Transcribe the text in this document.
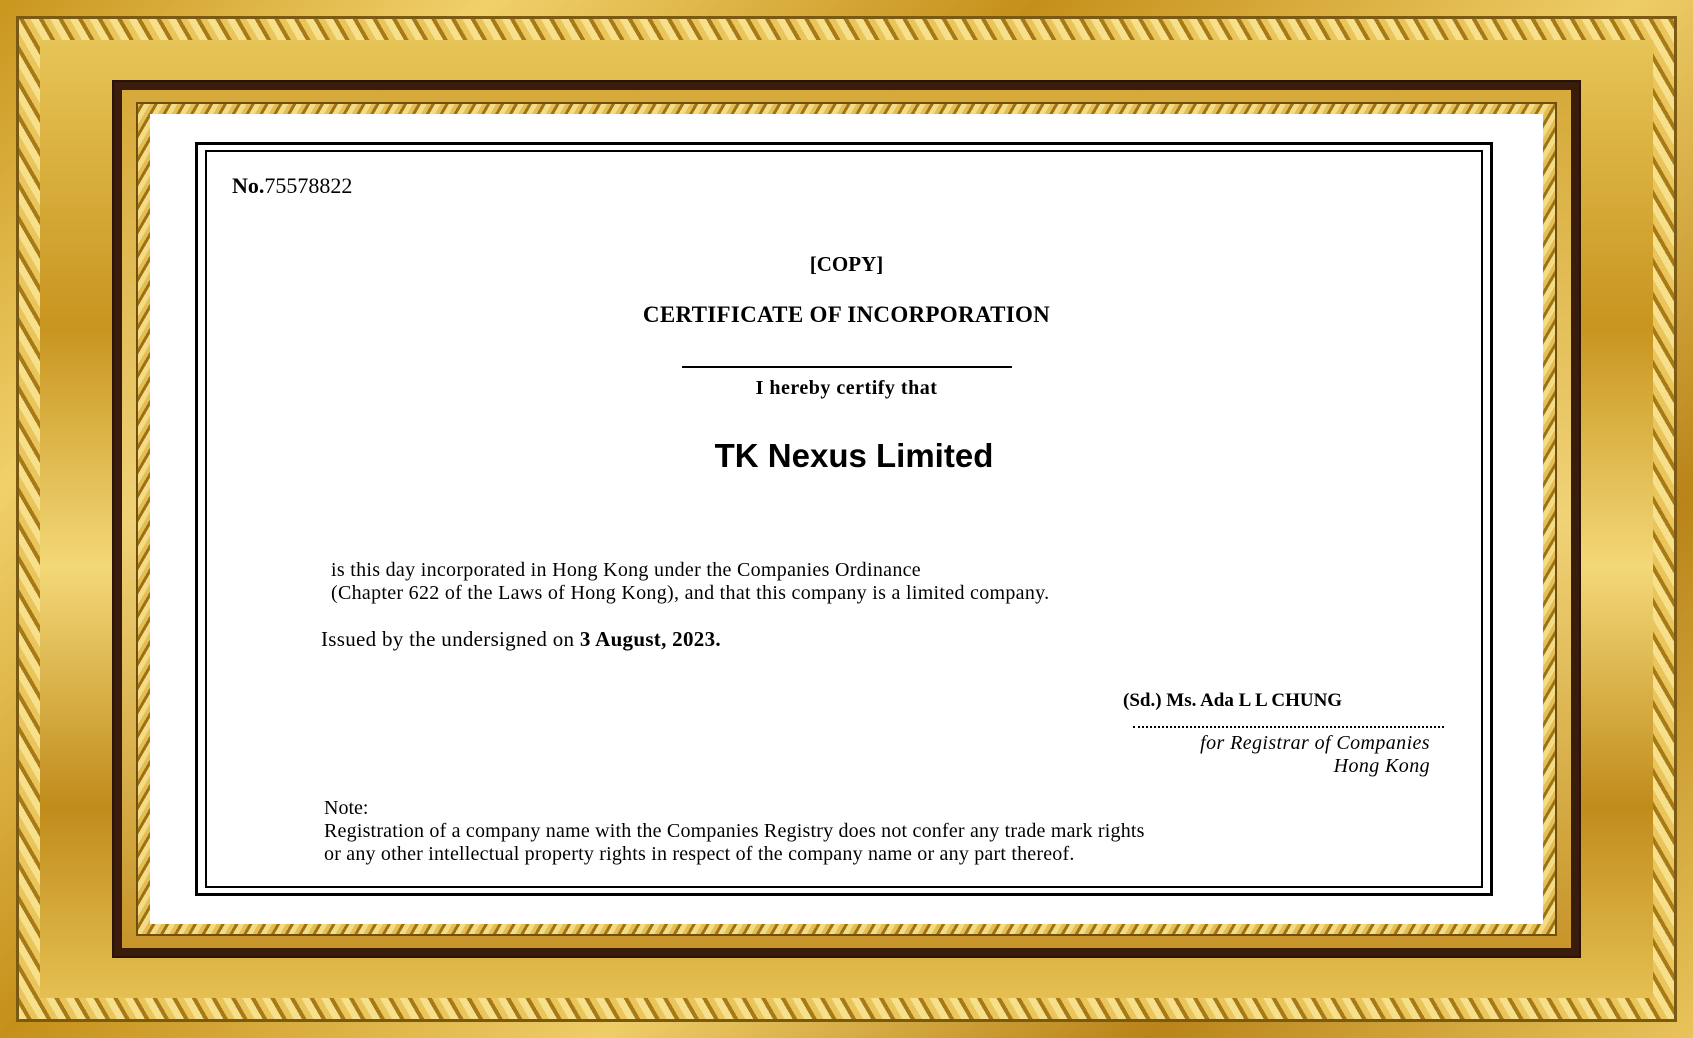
No.75578822
[COPY]
CERTIFICATE OF INCORPORATION
I hereby certify that
TK Nexus Limited
is this day incorporated in Hong Kong under the Companies Ordinance
(Chapter 622 of the Laws of Hong Kong), and that this company is a limited company.
Issued by the undersigned on 3 August, 2023.
(Sd.) Ms. Ada L L CHUNG
for Registrar of Companies
Hong Kong
Note:
Registration of a company name with the Companies Registry does not confer any trade mark rights
or any other intellectual property rights in respect of the company name or any part thereof.
